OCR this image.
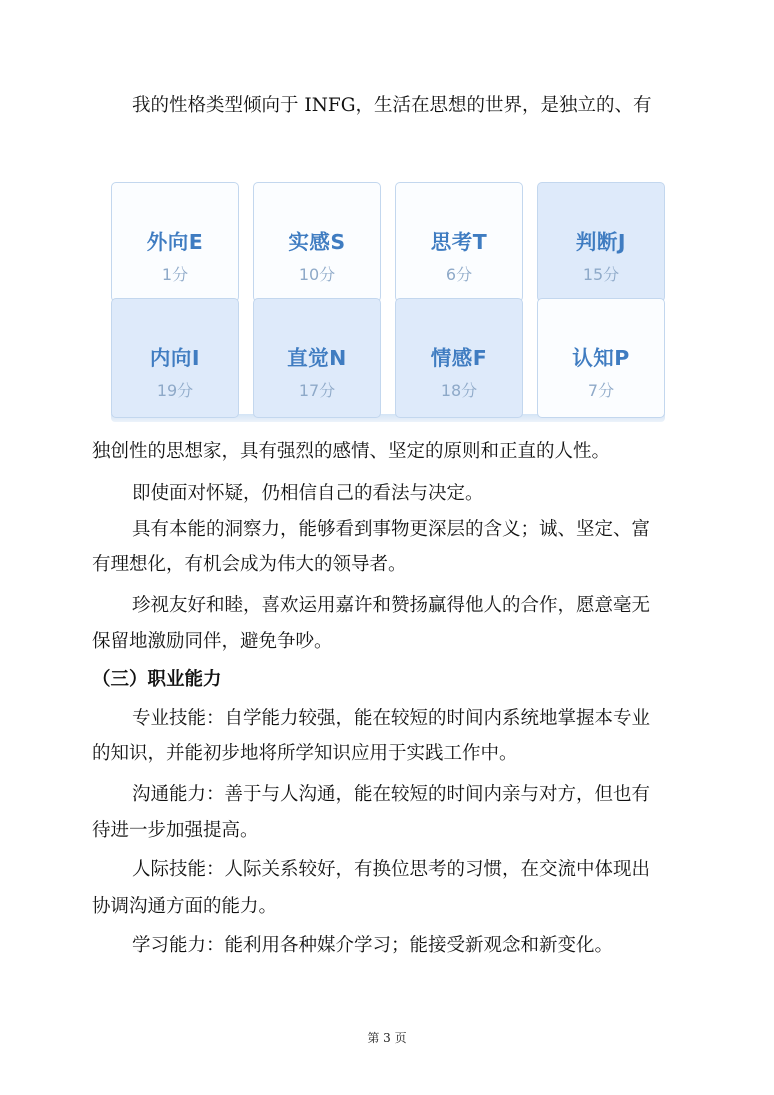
我的性格类型倾向于 INFG，生活在思想的世界，是独立的、有
外向E
1分
实感S
10分
思考T
6分
判断J
15分
内向I
19分
直觉N
17分
情感F
18分
认知P
7分
独创性的思想家，具有强烈的感情、坚定的原则和正直的人性。
即使面对怀疑，仍相信自己的看法与决定。
具有本能的洞察力，能够看到事物更深层的含义；诚、坚定、富
有理想化，有机会成为伟大的领导者。
珍视友好和睦，喜欢运用嘉许和赞扬赢得他人的合作，愿意毫无
保留地激励同伴，避免争吵。
（三）职业能力
专业技能：自学能力较强，能在较短的时间内系统地掌握本专业
的知识，并能初步地将所学知识应用于实践工作中。
沟通能力：善于与人沟通，能在较短的时间内亲与对方，但也有
待进一步加强提高。
人际技能：人际关系较好，有换位思考的习惯，在交流中体现出
协调沟通方面的能力。
学习能力：能利用各种媒介学习；能接受新观念和新变化。
第 3 页
